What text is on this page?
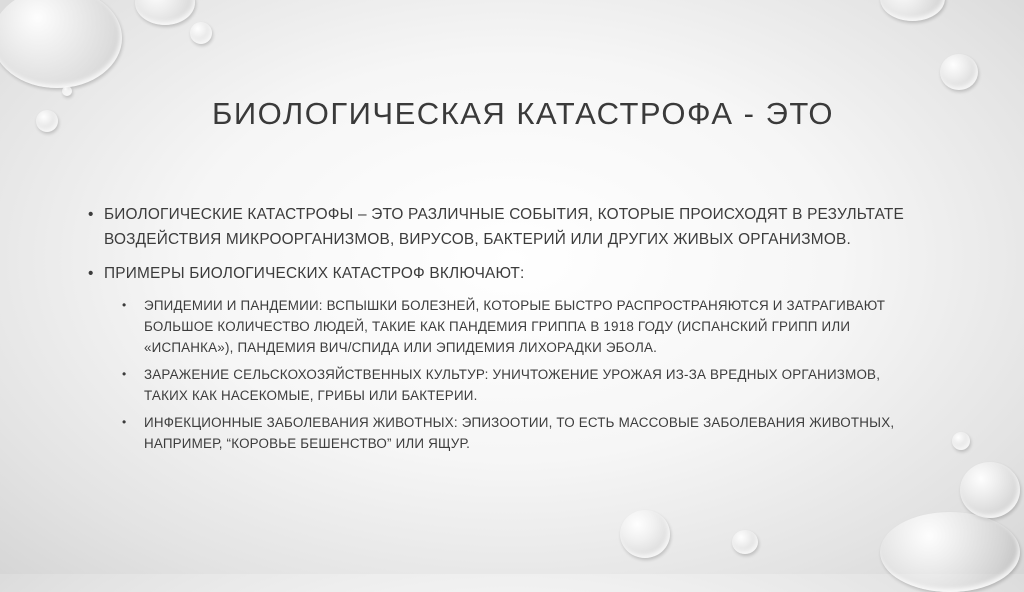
БИОЛОГИЧЕСКАЯ КАТАСТРОФА - ЭТО
• БИОЛОГИЧЕСКИЕ КАТАСТРОФЫ – ЭТО РАЗЛИЧНЫЕ СОБЫТИЯ, КОТОРЫЕ ПРОИСХОДЯТ В РЕЗУЛЬТАТЕ ВОЗДЕЙСТВИЯ МИКРООРГАНИЗМОВ, ВИРУСОВ, БАКТЕРИЙ ИЛИ ДРУГИХ ЖИВЫХ ОРГАНИЗМОВ.
• ПРИМЕРЫ БИОЛОГИЧЕСКИХ КАТАСТРОФ ВКЛЮЧАЮТ:
• ЭПИДЕМИИ И ПАНДЕМИИ: ВСПЫШКИ БОЛЕЗНЕЙ, КОТОРЫЕ БЫСТРО РАСПРОСТРАНЯЮТСЯ И ЗАТРАГИВАЮТ БОЛЬШОЕ КОЛИЧЕСТВО ЛЮДЕЙ, ТАКИЕ КАК ПАНДЕМИЯ ГРИППА В 1918 ГОДУ (ИСПАНСКИЙ ГРИПП ИЛИ «ИСПАНКА»), ПАНДЕМИЯ ВИЧ/СПИДА ИЛИ ЭПИДЕМИЯ ЛИХОРАДКИ ЭБОЛА.
• ЗАРАЖЕНИЕ СЕЛЬСКОХОЗЯЙСТВЕННЫХ КУЛЬТУР: УНИЧТОЖЕНИЕ УРОЖАЯ ИЗ-ЗА ВРЕДНЫХ ОРГАНИЗМОВ, ТАКИХ КАК НАСЕКОМЫЕ, ГРИБЫ ИЛИ БАКТЕРИИ.
• ИНФЕКЦИОННЫЕ ЗАБОЛЕВАНИЯ ЖИВОТНЫХ: ЭПИЗООТИИ, ТО ЕСТЬ МАССОВЫЕ ЗАБОЛЕВАНИЯ ЖИВОТНЫХ, НАПРИМЕР, “КОРОВЬЕ БЕШЕНСТВО” ИЛИ ЯЩУР.
